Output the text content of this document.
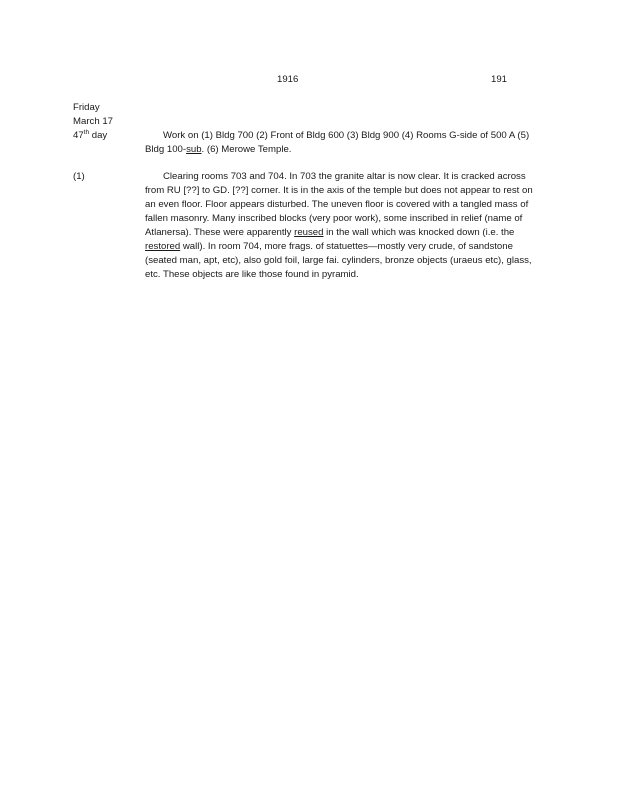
1916	191
Friday
March 17
47th day	Work on (1) Bldg 700 (2) Front of Bldg 600 (3) Bldg 900 (4) Rooms G-side of 500 A (5) Bldg 100-sub. (6) Merowe Temple.
(1)	Clearing rooms 703 and 704. In 703 the granite altar is now clear. It is cracked across from RU [??] to GD. [??] corner. It is in the axis of the temple but does not appear to rest on an even floor. Floor appears disturbed. The uneven floor is covered with a tangled mass of fallen masonry. Many inscribed blocks (very poor work), some inscribed in relief (name of Atlanersa). These were apparently reused in the wall which was knocked down (i.e. the restored wall). In room 704, more frags. of statuettes—mostly very crude, of sandstone (seated man, apt, etc), also gold foil, large fai. cylinders, bronze objects (uraeus etc), glass, etc. These objects are like those found in pyramid.
